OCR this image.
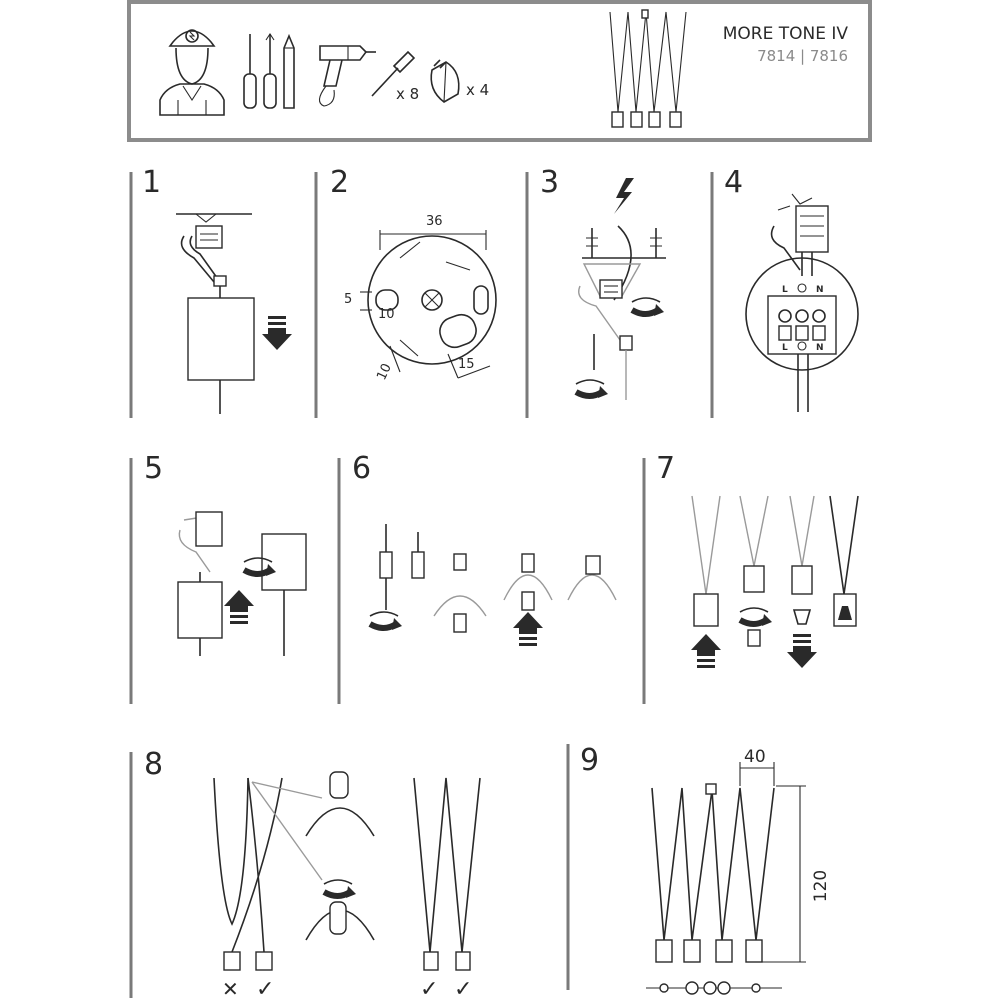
x 8	x 4
MORE TONE IV
7814 | 7816
1	2
36
5
10
10	15
3	4
L	N
L	N
5	6	7
8
✕ ✓	✓ ✓
9	40
120
